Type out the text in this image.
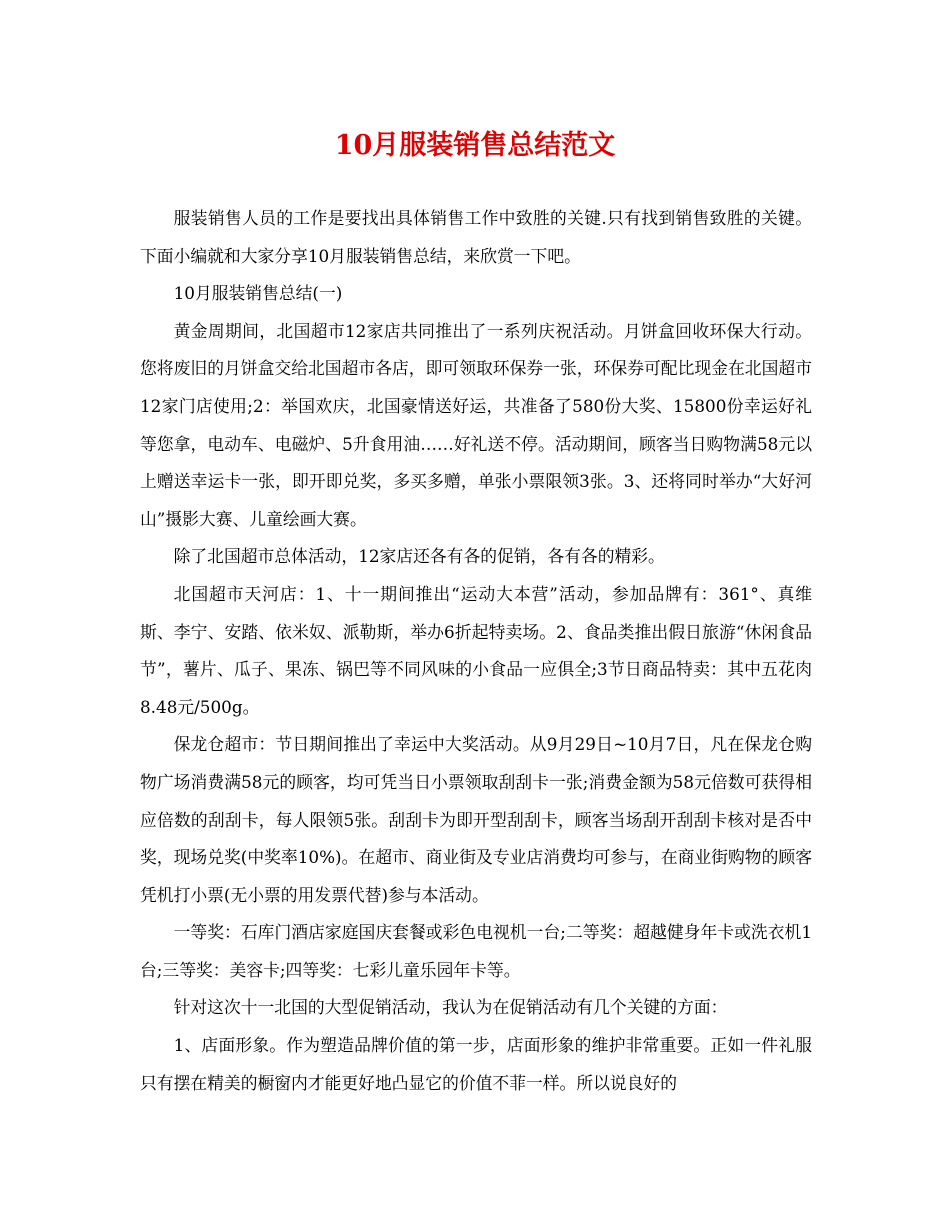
10月服装销售总结范文

服装销售人员的工作是要找出具体销售工作中致胜的关键.只有找到销售致胜的关键。下面小编就和大家分享10月服装销售总结，来欣赏一下吧。

10月服装销售总结(一)

黄金周期间，北国超市12家店共同推出了一系列庆祝活动。月饼盒回收环保大行动。您将废旧的月饼盒交给北国超市各店，即可领取环保券一张，环保券可配比现金在北国超市12家门店使用;2：举国欢庆，北国豪情送好运，共准备了580份大奖、15800份幸运好礼等您拿，电动车、电磁炉、5升食用油……好礼送不停。活动期间，顾客当日购物满58元以上赠送幸运卡一张，即开即兑奖，多买多赠，单张小票限领3张。3、还将同时举办“大好河山”摄影大赛、儿童绘画大赛。

除了北国超市总体活动，12家店还各有各的促销，各有各的精彩。

北国超市天河店：1、十一期间推出“运动大本营”活动，参加品牌有：361°、真维斯、李宁、安踏、依米奴、派勒斯，举办6折起特卖场。2、食品类推出假日旅游“休闲食品节”，薯片、瓜子、果冻、锅巴等不同风味的小食品一应俱全;3节日商品特卖：其中五花肉8.48元/500g。

保龙仓超市：节日期间推出了幸运中大奖活动。从9月29日~10月7日，凡在保龙仓购物广场消费满58元的顾客，均可凭当日小票领取刮刮卡一张;消费金额为58元倍数可获得相应倍数的刮刮卡，每人限领5张。刮刮卡为即开型刮刮卡，顾客当场刮开刮刮卡核对是否中奖，现场兑奖(中奖率10%)。在超市、商业街及专业店消费均可参与，在商业街购物的顾客凭机打小票(无小票的用发票代替)参与本活动。

一等奖：石库门酒店家庭国庆套餐或彩色电视机一台;二等奖：超越健身年卡或洗衣机1台;三等奖：美容卡;四等奖：七彩儿童乐园年卡等。

针对这次十一北国的大型促销活动，我认为在促销活动有几个关键的方面：

1、店面形象。作为塑造品牌价值的第一步，店面形象的维护非常重要。正如一件礼服只有摆在精美的橱窗内才能更好地凸显它的价值不菲一样。所以说良好的
